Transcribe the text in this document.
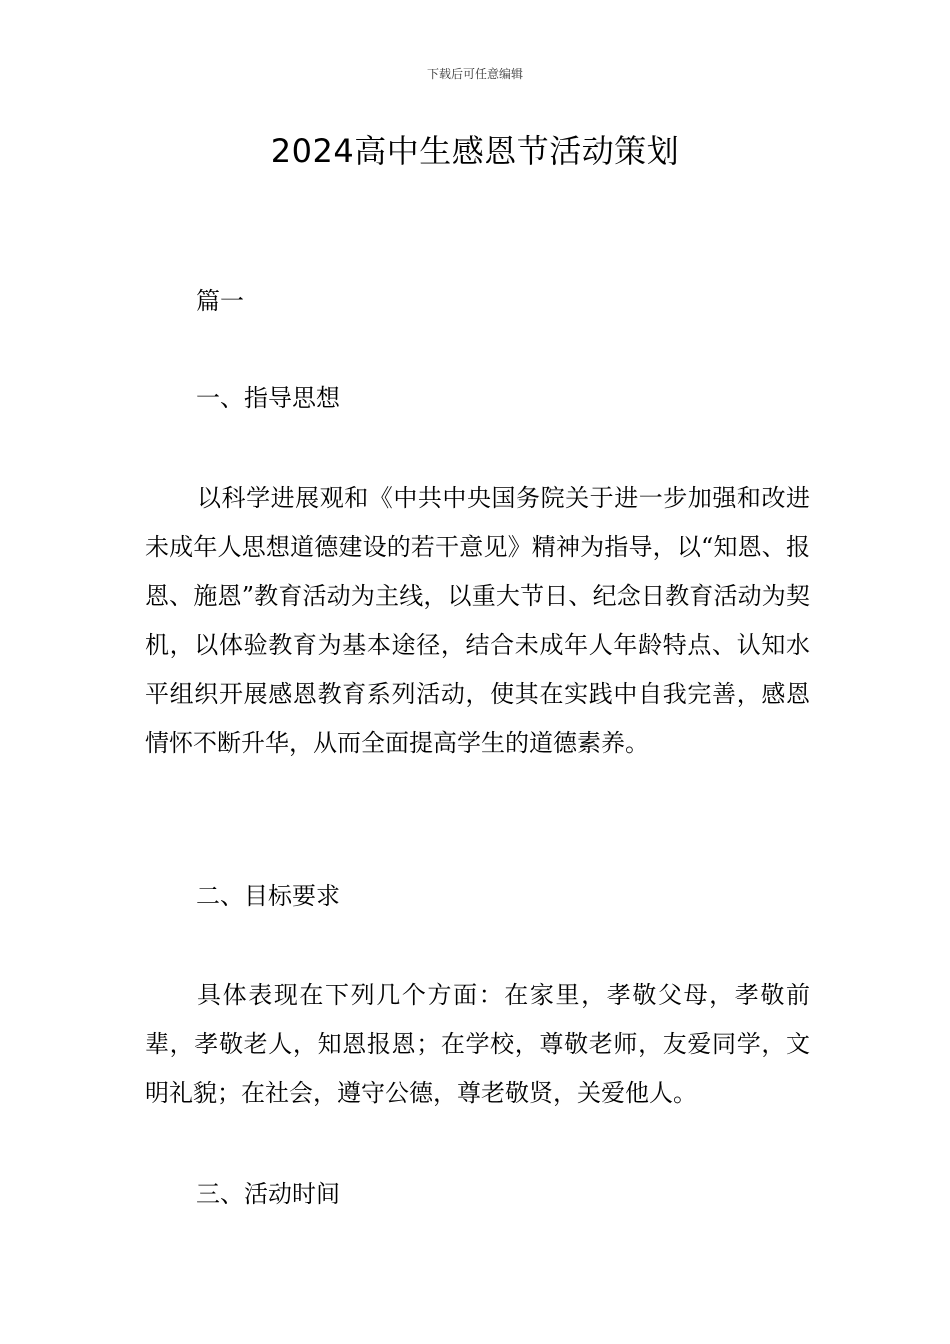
下载后可任意编辑
2024高中生感恩节活动策划
篇一
一、指导思想

以科学进展观和《中共中央国务院关于进一步加强和改进未成年人思想道德建设的若干意见》精神为指导，以“知恩、报恩、施恩”教育活动为主线，以重大节日、纪念日教育活动为契机，以体验教育为基本途径，结合未成年人年龄特点、认知水平组织开展感恩教育系列活动，使其在实践中自我完善，感恩情怀不断升华，从而全面提高学生的道德素养。

二、目标要求

具体表现在下列几个方面：在家里，孝敬父母，孝敬前辈，孝敬老人，知恩报恩；在学校，尊敬老师，友爱同学，文明礼貌；在社会，遵守公德，尊老敬贤，关爱他人。

三、活动时间
